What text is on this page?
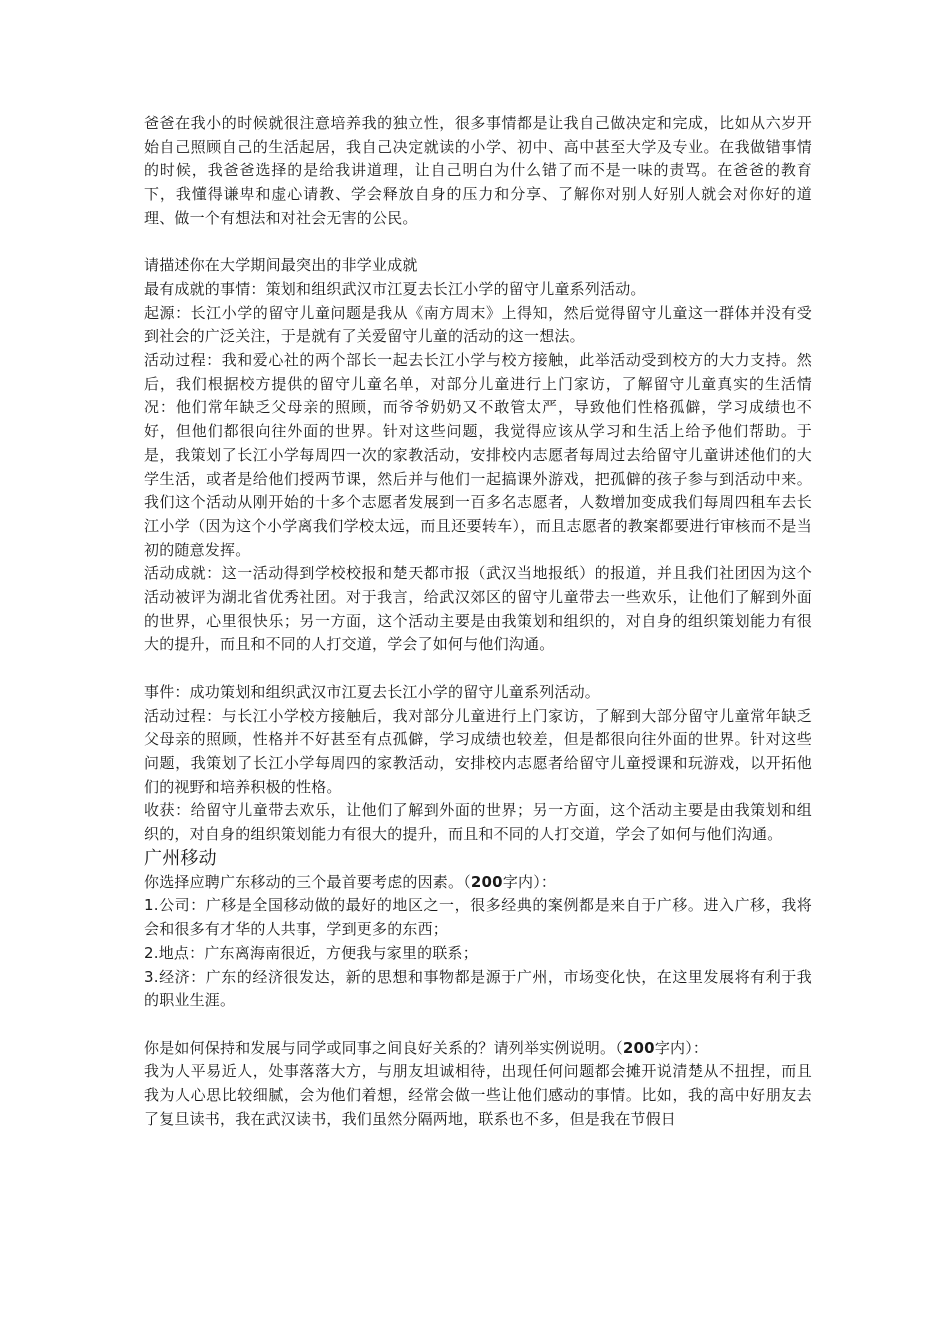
爸爸在我小的时候就很注意培养我的独立性，很多事情都是让我自己做决定和完成，比如从六岁开始自己照顾自己的生活起居，我自己决定就读的小学、初中、高中甚至大学及专业。在我做错事情的时候，我爸爸选择的是给我讲道理，让自己明白为什么错了而不是一味的责骂。在爸爸的教育下，我懂得谦卑和虚心请教、学会释放自身的压力和分享、了解你对别人好别人就会对你好的道理、做一个有想法和对社会无害的公民。

请描述你在大学期间最突出的非学业成就

最有成就的事情：策划和组织武汉市江夏去长江小学的留守儿童系列活动。

起源：长江小学的留守儿童问题是我从《南方周末》上得知，然后觉得留守儿童这一群体并没有受到社会的广泛关注，于是就有了关爱留守儿童的活动的这一想法。

活动过程：我和爱心社的两个部长一起去长江小学与校方接触，此举活动受到校方的大力支持。然后，我们根据校方提供的留守儿童名单，对部分儿童进行上门家访，了解留守儿童真实的生活情况：他们常年缺乏父母亲的照顾，而爷爷奶奶又不敢管太严，导致他们性格孤僻，学习成绩也不好，但他们都很向往外面的世界。针对这些问题，我觉得应该从学习和生活上给予他们帮助。于是，我策划了长江小学每周四一次的家教活动，安排校内志愿者每周过去给留守儿童讲述他们的大学生活，或者是给他们授两节课，然后并与他们一起搞课外游戏，把孤僻的孩子参与到活动中来。我们这个活动从刚开始的十多个志愿者发展到一百多名志愿者，人数增加变成我们每周四租车去长江小学（因为这个小学离我们学校太远，而且还要转车），而且志愿者的教案都要进行审核而不是当初的随意发挥。

活动成就：这一活动得到学校校报和楚天都市报（武汉当地报纸）的报道，并且我们社团因为这个活动被评为湖北省优秀社团。对于我言，给武汉郊区的留守儿童带去一些欢乐，让他们了解到外面的世界，心里很快乐；另一方面，这个活动主要是由我策划和组织的，对自身的组织策划能力有很大的提升，而且和不同的人打交道，学会了如何与他们沟通。

事件：成功策划和组织武汉市江夏去长江小学的留守儿童系列活动。

活动过程：与长江小学校方接触后，我对部分儿童进行上门家访，了解到大部分留守儿童常年缺乏父母亲的照顾，性格并不好甚至有点孤僻，学习成绩也较差，但是都很向往外面的世界。针对这些问题，我策划了长江小学每周四的家教活动，安排校内志愿者给留守儿童授课和玩游戏，以开拓他们的视野和培养积极的性格。

收获：给留守儿童带去欢乐，让他们了解到外面的世界；另一方面，这个活动主要是由我策划和组织的，对自身的组织策划能力有很大的提升，而且和不同的人打交道，学会了如何与他们沟通。

广州移动

你选择应聘广东移动的三个最首要考虑的因素。（200字内）：

1.公司：广移是全国移动做的最好的地区之一，很多经典的案例都是来自于广移。进入广移，我将会和很多有才华的人共事，学到更多的东西；

2.地点：广东离海南很近，方便我与家里的联系；

3.经济：广东的经济很发达，新的思想和事物都是源于广州，市场变化快，在这里发展将有利于我的职业生涯。

你是如何保持和发展与同学或同事之间良好关系的？请列举实例说明。（200字内）：

我为人平易近人，处事落落大方，与朋友坦诚相待，出现任何问题都会摊开说清楚从不扭捏，而且我为人心思比较细腻，会为他们着想，经常会做一些让他们感动的事情。比如，我的高中好朋友去了复旦读书，我在武汉读书，我们虽然分隔两地，联系也不多，但是我在节假日
